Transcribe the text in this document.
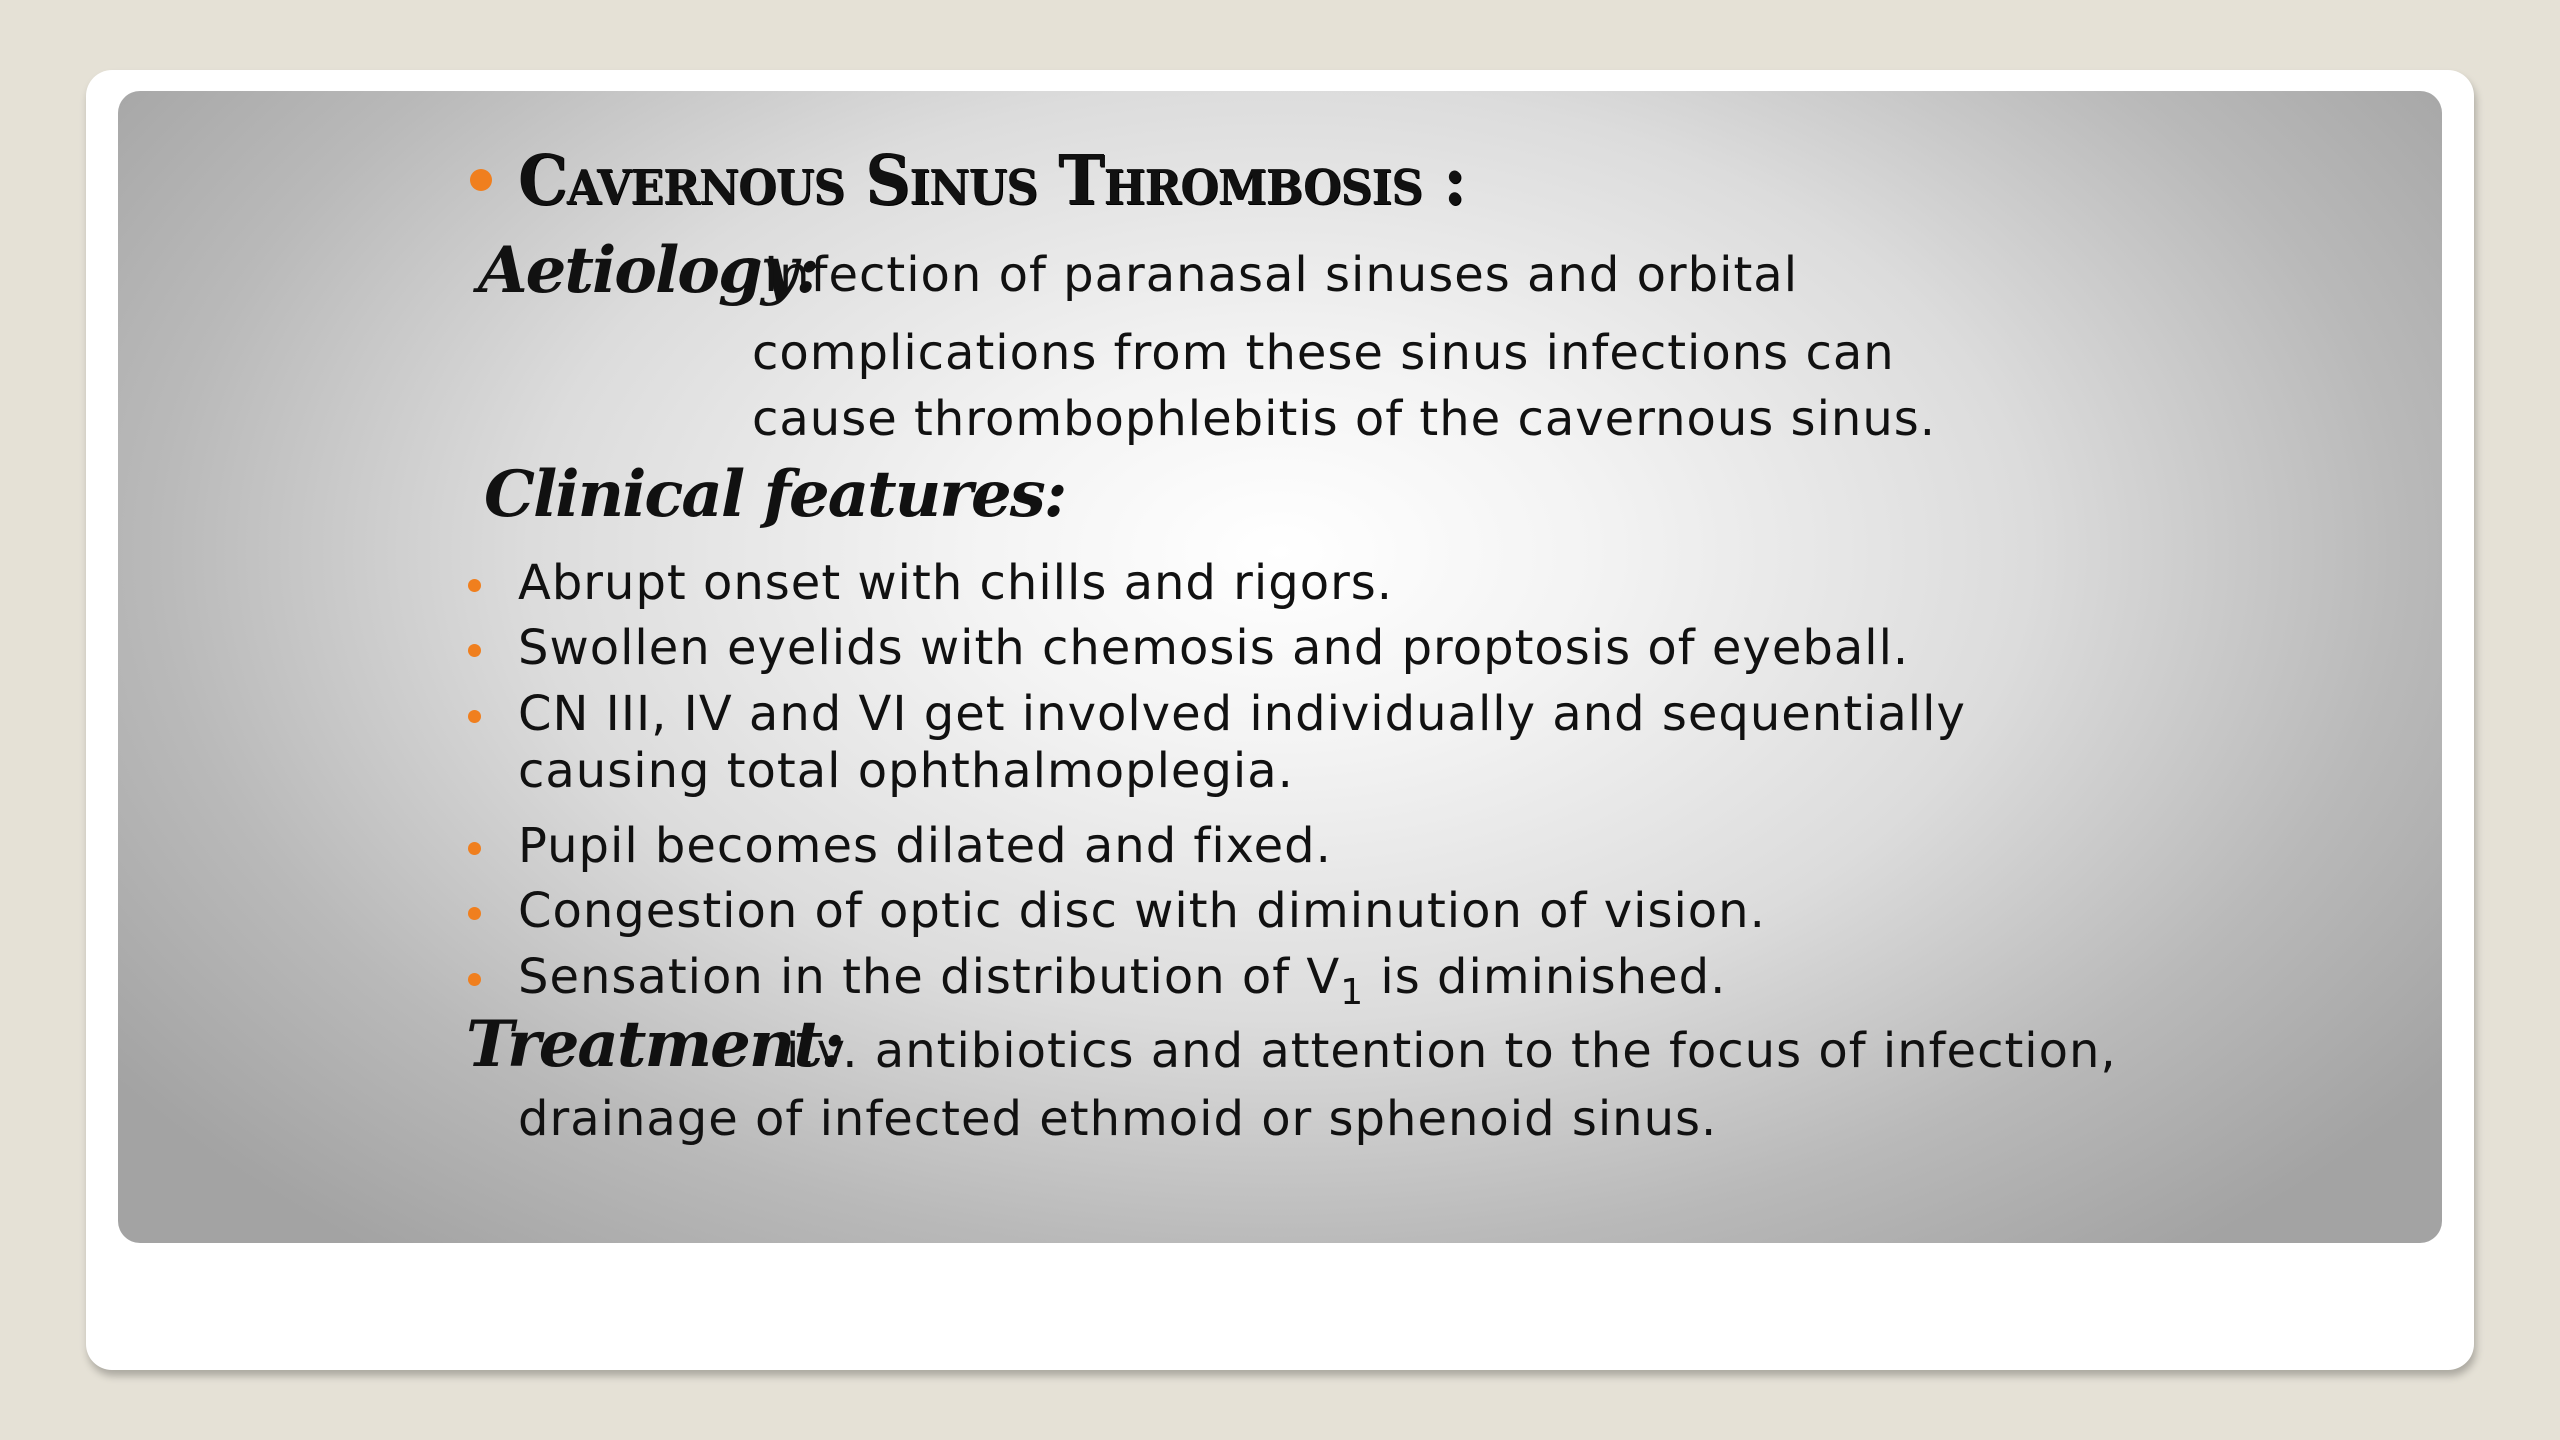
Cavernous Sinus Thrombosis :
Aetiology:
Infection of paranasal sinuses and orbital
complications from these sinus infections can
cause thrombophlebitis of the cavernous sinus.
Clinical features:
Abrupt onset with chills and rigors.
Swollen eyelids with chemosis and proptosis of eyeball.
CN III, IV and VI get involved individually and sequentially
causing total ophthalmoplegia.
Pupil becomes dilated and fixed.
Congestion of optic disc with diminution of vision.
Sensation in the distribution of $V_1$ is diminished.
Treatment:
i.v. antibiotics and attention to the focus of infection,
drainage of infected ethmoid or sphenoid sinus.
